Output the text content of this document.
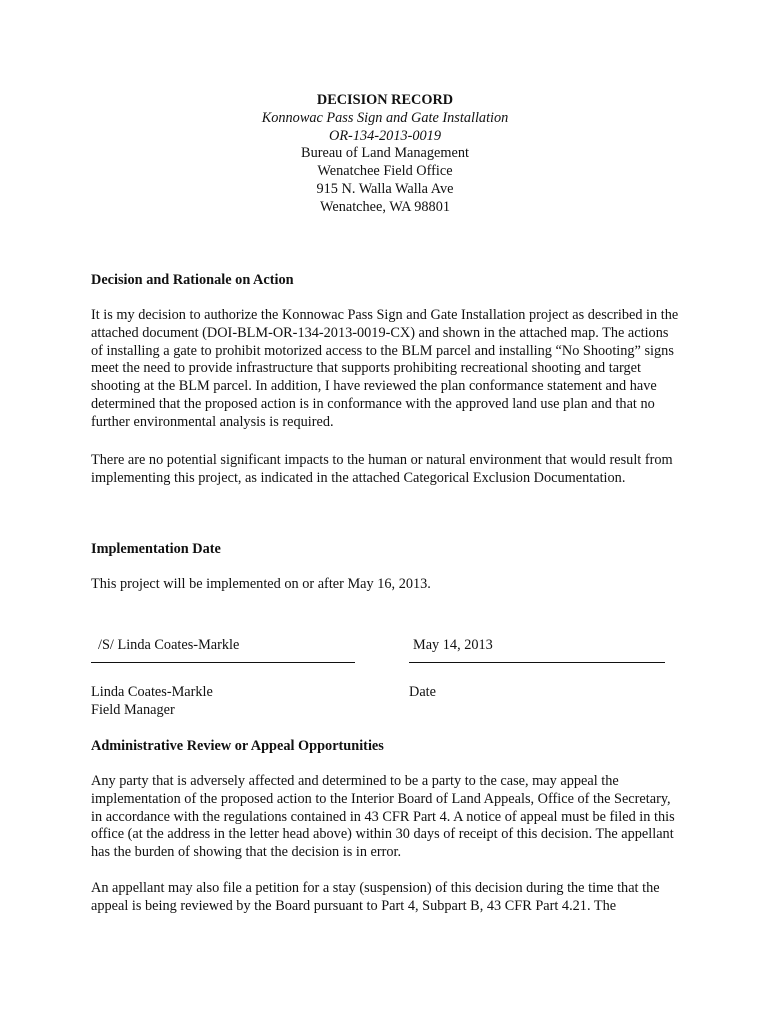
DECISION RECORD
Konnowac Pass Sign and Gate Installation
OR-134-2013-0019
Bureau of Land Management
Wenatchee Field Office
915 N. Walla Walla Ave
Wenatchee, WA 98801
Decision and Rationale on Action

It is my decision to authorize the Konnowac Pass Sign and Gate Installation project as described in the attached document (DOI-BLM-OR-134-2013-0019-CX) and shown in the attached map. The actions of installing a gate to prohibit motorized access to the BLM parcel and installing “No Shooting” signs meet the need to provide infrastructure that supports prohibiting recreational shooting and target shooting at the BLM parcel. In addition, I have reviewed the plan conformance statement and have determined that the proposed action is in conformance with the approved land use plan and that no further environmental analysis is required.

There are no potential significant impacts to the human or natural environment that would result from implementing this project, as indicated in the attached Categorical Exclusion Documentation.

Implementation Date
This project will be implemented on or after May 16, 2013.
/S/ Linda Coates-Markle	May 14, 2013
Linda Coates-Markle
Field Manager
Date
Administrative Review or Appeal Opportunities

Any party that is adversely affected and determined to be a party to the case, may appeal the implementation of the proposed action to the Interior Board of Land Appeals, Office of the Secretary, in accordance with the regulations contained in 43 CFR Part 4. A notice of appeal must be filed in this office (at the address in the letter head above) within 30 days of receipt of this decision. The appellant has the burden of showing that the decision is in error.

An appellant may also file a petition for a stay (suspension) of this decision during the time that the appeal is being reviewed by the Board pursuant to Part 4, Subpart B, 43 CFR Part 4.21. The
